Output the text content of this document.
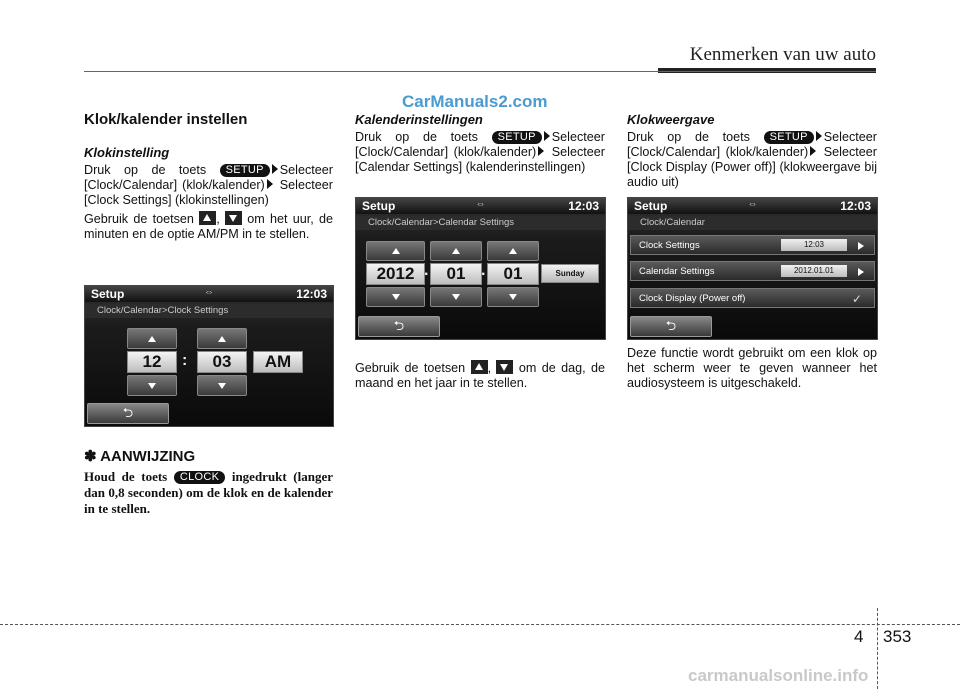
Kenmerken van uw auto
CarManuals2.com
Klok/kalender instellen
Klokinstelling

Druk op de toets SETUP Selecteer [Clock/Calendar] (klok/kalender) Selecteer [Clock Settings] (klokinstellingen)

Gebruik de toetsen , om het uur, de minuten en de optie AM/PM in te stellen.

Setup	⇔	12:03
Clock/Calendar>Clock Settings
12	:	03	AM
⮌
✽ AANWIJZING

Houd de toets CLOCK ingedrukt (langer dan 0,8 seconden) om de klok en de kalender in te stellen.

Kalenderinstellingen

Druk op de toets SETUP Selecteer [Clock/Calendar] (klok/kalender) Selecteer [Calendar Settings] (kalenderinstellingen)

Setup	⇔	12:03
Clock/Calendar>Calendar Settings
2012 .	01 .	01	Sunday
⮌

Gebruik de toetsen , om de dag, de maand en het jaar in te stellen.

Klokweergave

Druk op de toets SETUP Selecteer [Clock/Calendar] (klok/kalender) Selecteer [Clock Display (Power off)] (klokweergave bij audio uit)

Setup	⇔	12:03
Clock/Calendar
Clock Settings	12:03
Calendar Settings	2012.01.01
Clock Display (Power off)	✓
⮌

Deze functie wordt gebruikt om een klok op het scherm weer te geven wanneer het audiosysteem is uitgeschakeld.

4 353
carmanualsonline.info
